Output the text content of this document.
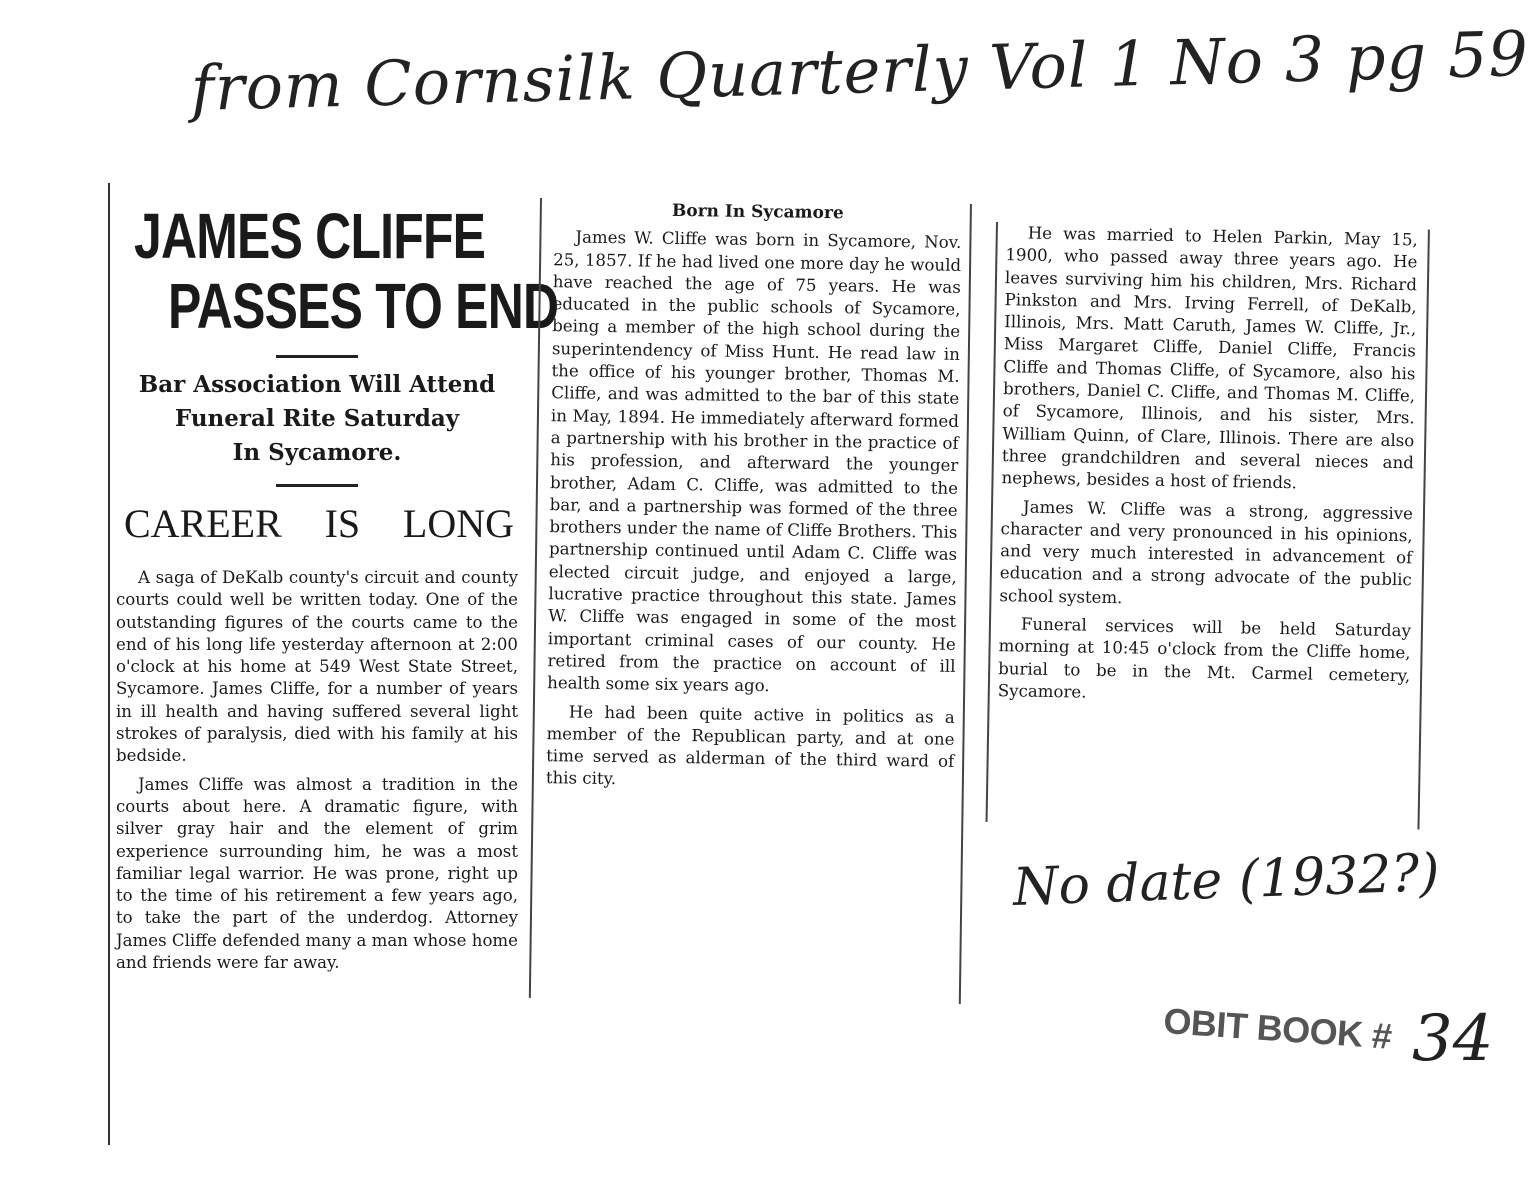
from Cornsilk Quarterly Vol 1 No 3 pg 59
JAMES CLIFFE
PASSES TO END

Bar Association Will Attend

Funeral Rite Saturday

In Sycamore.

CAREER IS LONG

A saga of DeKalb county's circuit and county courts could well be written today. One of the outstanding figures of the courts came to the end of his long life yesterday afternoon at 2:00 o'clock at his home at 549 West State Street, Sycamore. James Cliffe, for a number of years in ill health and having suffered several light strokes of paralysis, died with his family at his bedside.

James Cliffe was almost a tradition in the courts about here. A dramatic figure, with silver gray hair and the element of grim experience surrounding him, he was a most familiar legal warrior. He was prone, right up to the time of his retirement a few years ago, to take the part of the underdog. Attorney James Cliffe defended many a man whose home and friends were far away.

Born In Sycamore

James W. Cliffe was born in Sycamore, Nov. 25, 1857. If he had lived one more day he would have reached the age of 75 years. He was educated in the public schools of Sycamore, being a member of the high school during the superintendency of Miss Hunt. He read law in the office of his younger brother, Thomas M. Cliffe, and was admitted to the bar of this state in May, 1894. He immediately afterward formed a partnership with his brother in the practice of his profession, and afterward the younger brother, Adam C. Cliffe, was admitted to the bar, and a partnership was formed of the three brothers under the name of Cliffe Brothers. This partnership continued until Adam C. Cliffe was elected circuit judge, and enjoyed a large, lucrative practice throughout this state. James W. Cliffe was engaged in some of the most important criminal cases of our county. He retired from the practice on account of ill health some six years ago.

He had been quite active in politics as a member of the Republican party, and at one time served as alderman of the third ward of this city.

He was married to Helen Parkin, May 15, 1900, who passed away three years ago. He leaves surviving him his children, Mrs. Richard Pinkston and Mrs. Irving Ferrell, of DeKalb, Illinois, Mrs. Matt Caruth, James W. Cliffe, Jr., Miss Margaret Cliffe, Daniel Cliffe, Francis Cliffe and Thomas Cliffe, of Sycamore, also his brothers, Daniel C. Cliffe, and Thomas M. Cliffe, of Sycamore, Illinois, and his sister, Mrs. William Quinn, of Clare, Illinois. There are also three grandchildren and several nieces and nephews, besides a host of friends.

James W. Cliffe was a strong, aggressive character and very pronounced in his opinions, and very much interested in advancement of education and a strong advocate of the public school system.

Funeral services will be held Saturday morning at 10:45 o'clock from the Cliffe home, burial to be in the Mt. Carmel cemetery, Sycamore.

No date (1932?)
OBIT BOOK # 34
